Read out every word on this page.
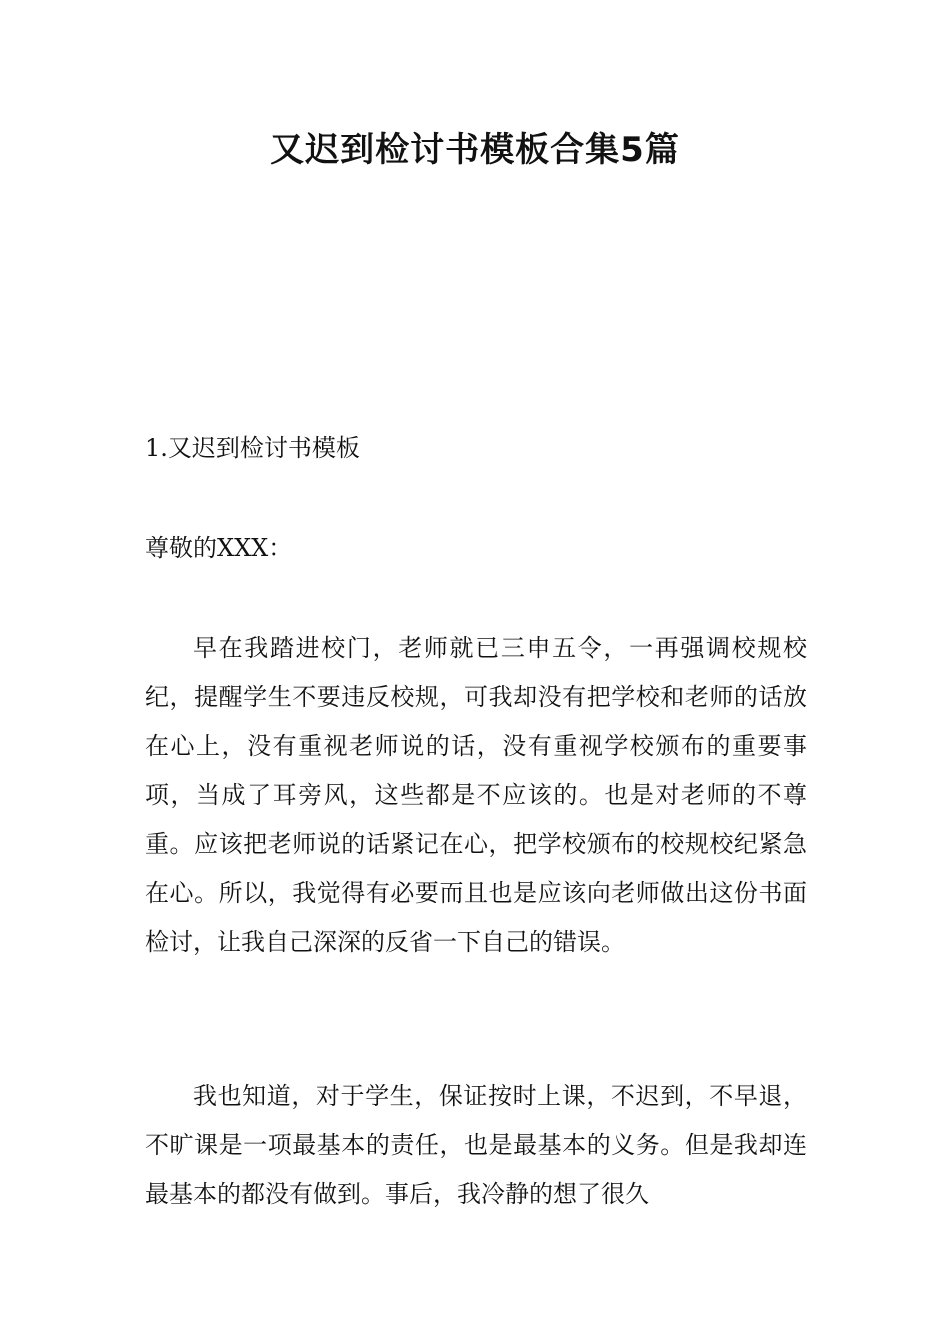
又迟到检讨书模板合集5篇

1.又迟到检讨书模板

尊敬的XXX：

早在我踏进校门，老师就已三申五令，一再强调校规校纪，提醒学生不要违反校规，可我却没有把学校和老师的话放在心上，没有重视老师说的话，没有重视学校颁布的重要事项，当成了耳旁风，这些都是不应该的。也是对老师的不尊重。应该把老师说的话紧记在心，把学校颁布的校规校纪紧急在心。所以，我觉得有必要而且也是应该向老师做出这份书面检讨，让我自己深深的反省一下自己的错误。

我也知道，对于学生，保证按时上课，不迟到，不早退，不旷课是一项最基本的责任，也是最基本的义务。但是我却连最基本的都没有做到。事后，我冷静的想了很久
